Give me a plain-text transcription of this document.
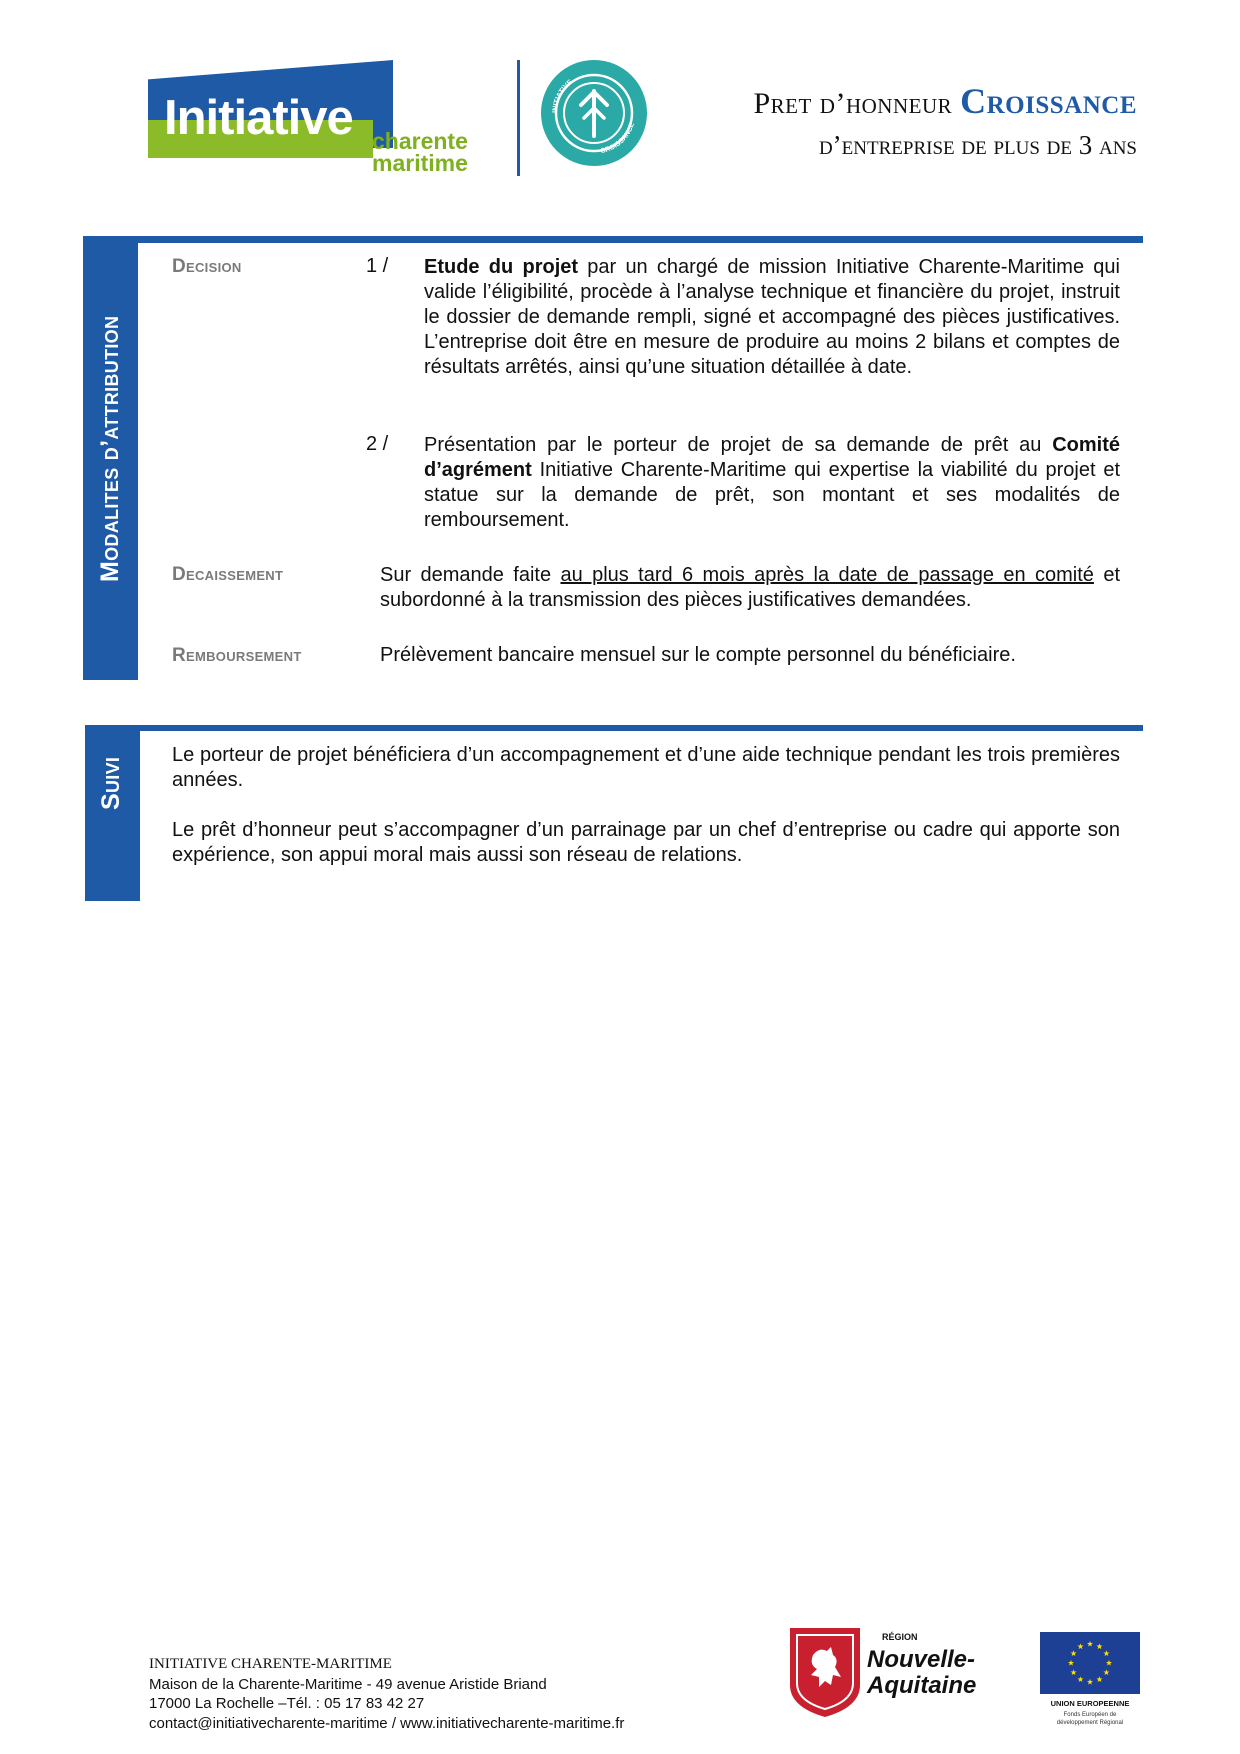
Initiative charente
maritime
INITIATIVE
CROISSANCE
Pret d’honneur Croissance
d’entreprise de plus de 3 ans
Modalites d’attribution
Decision	1 / Etude du projet par un chargé de mission Initiative Charente-Maritime qui valide l’éligibilité, procède à l’analyse technique et financière du projet, instruit le dossier de demande rempli, signé et accompagné des pièces justificatives. L’entreprise doit être en mesure de produire au moins 2 bilans et comptes de résultats arrêtés, ainsi qu’une situation détaillée à date.
2 / Présentation par le porteur de projet de sa demande de prêt au Comité d’agrément Initiative Charente-Maritime qui expertise la viabilité du projet et statue sur la demande de prêt, son montant et ses modalités de remboursement.
Decaissement	Sur demande faite au plus tard 6 mois après la date de passage en comité et subordonné à la transmission des pièces justificatives demandées.
Remboursement	Prélèvement bancaire mensuel sur le compte personnel du bénéficiaire.
Suivi
Le porteur de projet bénéficiera d’un accompagnement et d’une aide technique pendant les trois premières années.
Le prêt d’honneur peut s’accompagner d’un parrainage par un chef d’entreprise ou cadre qui apporte son expérience, son appui moral mais aussi son réseau de relations.
INITIATIVE CHARENTE-MARITIME
Maison de la Charente-Maritime - 49 avenue Aristide Briand
17000 La Rochelle –Tél. : 05 17 83 42 27
contact@initiativecharente-maritime / www.initiativecharente-maritime.fr
RÉGION
Nouvelle-
Aquitaine
UNION EUROPEENNE
Fonds Européen de
développement Régional
